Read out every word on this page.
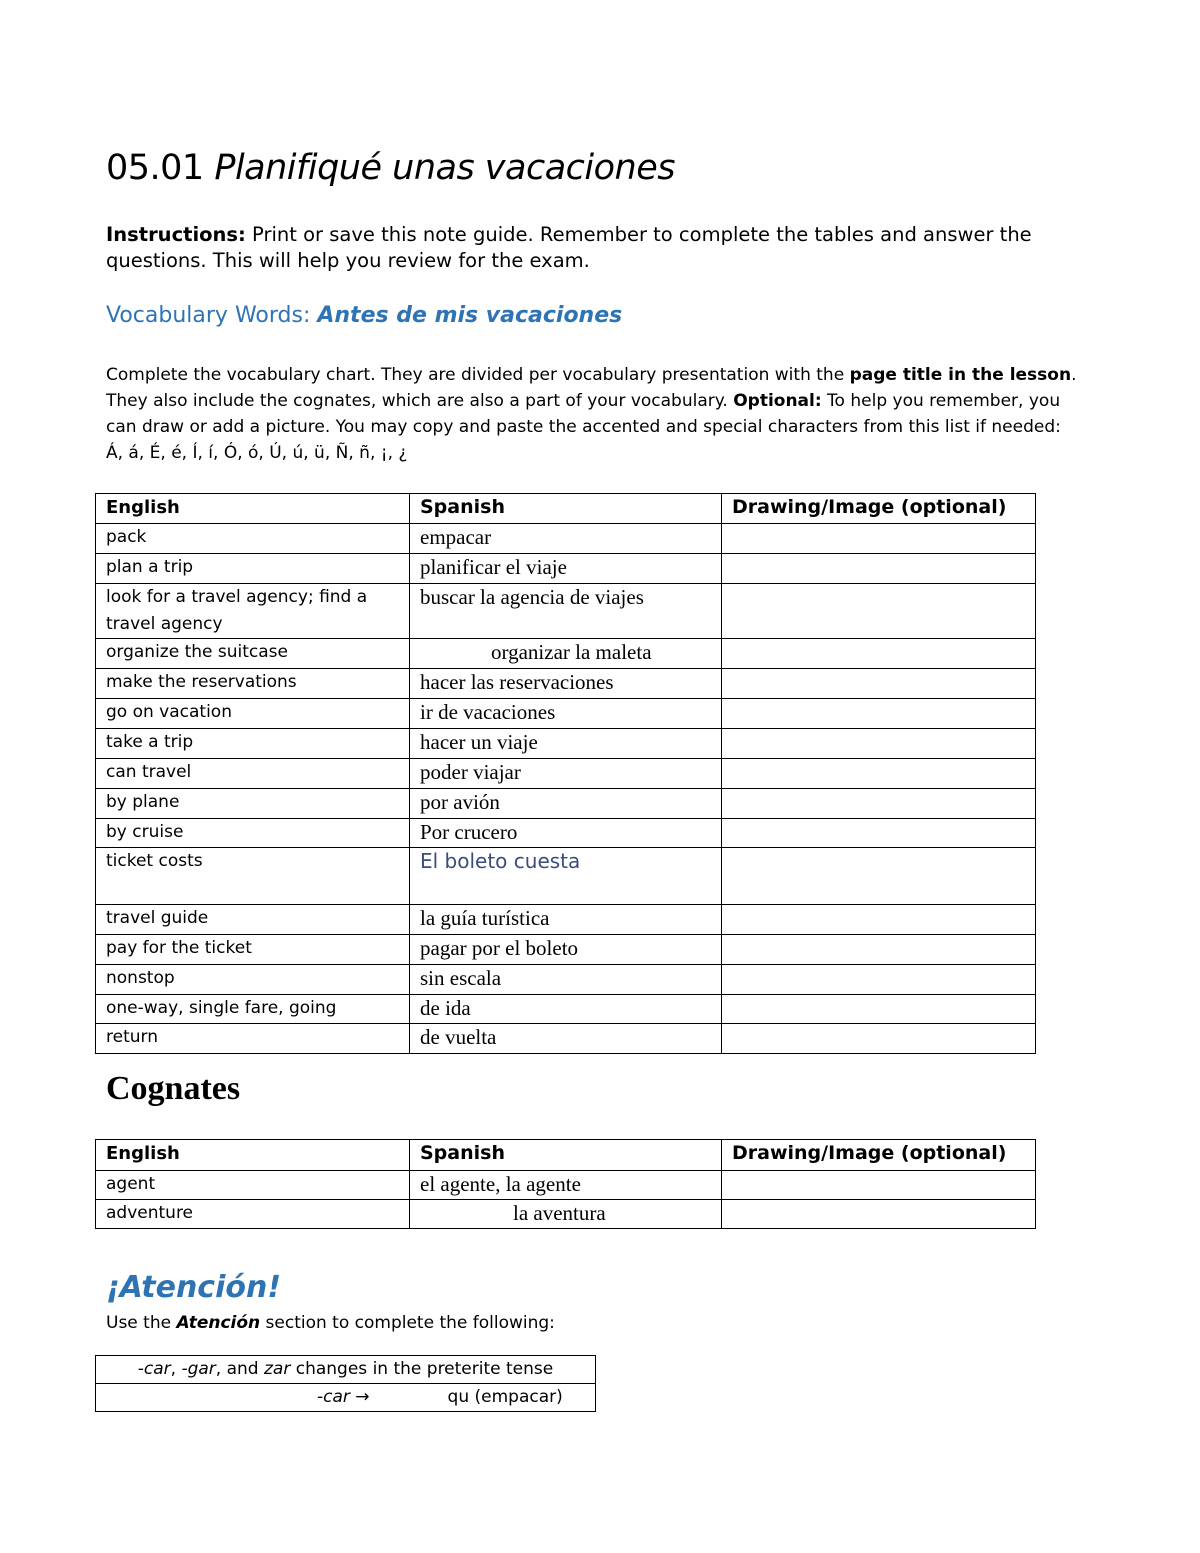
05.01 Planifiqué unas vacaciones

Instructions: Print or save this note guide. Remember to complete the tables and answer the questions. This will help you review for the exam.

Vocabulary Words: Antes de mis vacaciones

Complete the vocabulary chart. They are divided per vocabulary presentation with the page title in the lesson. They also include the cognates, which are also a part of your vocabulary. Optional: To help you remember, you can draw or add a picture. You may copy and paste the accented and special characters from this list if needed:
Á, á, É, é, Í, í, Ó, ó, Ú, ú, ü, Ñ, ñ, ¡, ¿

English	Spanish	Drawing/Image (optional)
pack	empacar	
plan a trip	planificar el viaje	
look for a travel agency; find a travel agency	buscar la agencia de viajes	
organize the suitcase	organizar la maleta	
make the reservations	hacer las reservaciones	
go on vacation	ir de vacaciones	
take a trip	hacer un viaje	
can travel	poder viajar	
by plane	por avión	
by cruise	Por crucero	
ticket costs	El boleto cuesta	
travel guide	la guía turística	
pay for the ticket	pagar por el boleto	
nonstop	sin escala	
one-way, single fare, going	de ida	
return	de vuelta	
Cognates
English	Spanish	Drawing/Image (optional)
agent	el agente, la agente	
adventure	la aventura	
¡Atención!

Use the Atención section to complete the following:

-car, -gar, and zar changes in the preterite tense
-car →	qu (empacar)
